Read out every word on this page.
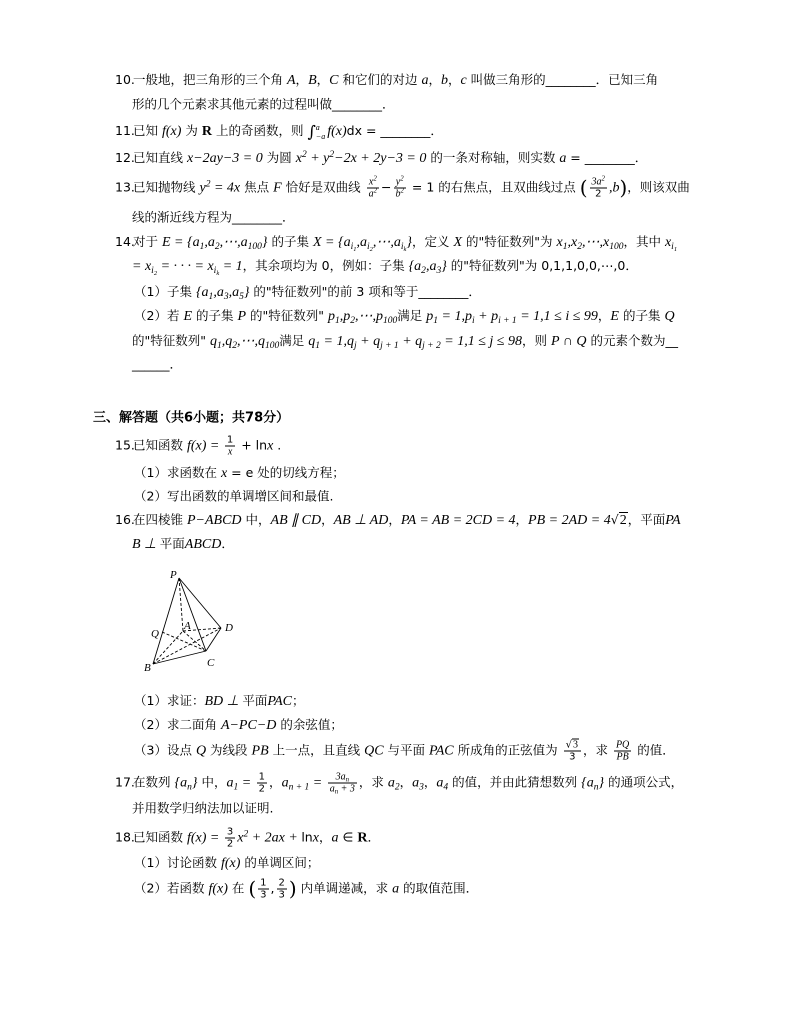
10.一般地，把三角形的三个角 A，B，C 和它们的对边 a，b，c 叫做三角形的________．已知三角
形的几个元素求其他元素的过程叫做________．
11.已知 f(x) 为 R 上的奇函数，则 ∫ a
−a f(x)dx = ________．
12.已知直线 x−2ay−3 = 0 为圆 $x^2 + y^2-2x + 2y-3 = 0$ 的一条对称轴，则实数 a = ________．
13.已知抛物线 $y^2 = 4x$ 焦点 F 恰好是双曲线 $\frac{x^2}{a^2} - \frac{y^2}{b^2} = 1$ 的右焦点，且双曲线过点 ( $\frac{3a^2}{2} ,b$)，则该双曲
线的渐近线方程为________．
14.对于 $E = \{a_1,a_2,\cdots,a_{100}\}$ 的子集 $X = \{a_{i_1},a_{i_2},\cdots,a_{i_k}\}$，定义 X 的"特征数列"为 $x_1,x_2,\cdots,x_{100}$，其中 $x_{i_1}$
= $x_{i_2}$ = · · · = $x_{i_k} = 1$，其余项均为 0，例如：子集 $\{a_2,a_3\}$ 的"特征数列"为 0,1,1,0,0,⋯,0．
（1）子集 $\{a_1,a_3,a_5\}$ 的"特征数列"的前 3 项和等于________．
（2）若 E 的子集 P 的"特征数列" $p_1,p_2,\cdots,p_{100}$满足 $p_1 = 1,p_i + p_{i + 1} = 1,1 \le i \le 99$，E 的子集 Q
的"特征数列" $q_1,q_2,\cdots,q_{100}$满足 $q_1 = 1,q_j + q_{j + 1} + q_{j + 2} = 1,1 \le j \le 98$，则 P ∩ Q 的元素个数为__
______．
三、解答题（共6小题；共78分）
15.已知函数 $f(x) = \frac{1}{x} + \ln x$ .
（1）求函数在 x = e 处的切线方程；
（2）写出函数的单调增区间和最值.
16.在四棱锥 P−ABCD 中，AB ∥ CD，AB ⊥ AD，PA = AB = 2CD = 4，PB = 2AD = 4√2，平面PA
B ⊥ 平面ABCD．
P
Q
A	D
B	C
（1）求证：BD ⊥ 平面PAC；
（2）求二面角 A−PC−D 的余弦值；
（3）设点 Q 为线段 PB 上一点，且直线 QC 与平面 PAC 所成角的正弦值为 $\frac{√3}{3}$ ，求 $\frac{PQ}{PB}$ 的值．
17.在数列 $\{a_n\}$ 中，$a_1 = \frac{1}{2}$ ，$a_{n + 1} = \frac{3a_n}{a_n + 3}$ ，求 $a_2$，$a_3$，$a_4$ 的值，并由此猜想数列 $\{a_n\}$ 的通项公式，
并用数学归纳法加以证明.
18.已知函数 $f(x) = \frac{3}{2} x^2 + 2ax + \ln x$，a ∈ R．
（1）讨论函数 f(x) 的单调区间；
（2）若函数 f(x) 在 ( $\frac{1}{3}$ , $\frac{2}{3}$ ) 内单调递减，求 a 的取值范围．
